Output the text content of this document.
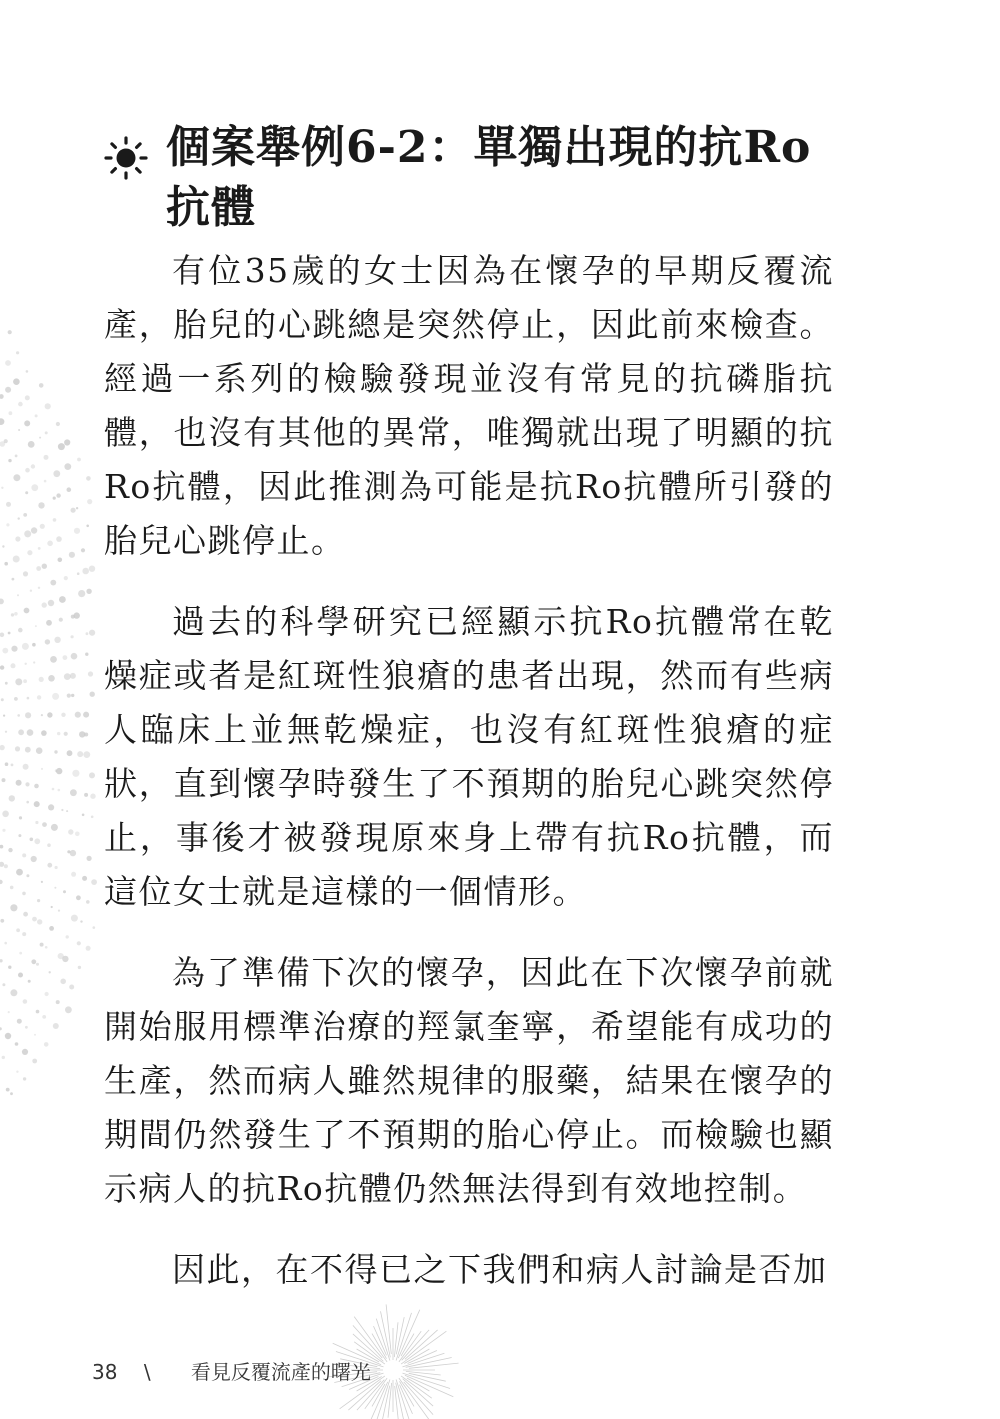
個案舉例6-2：單獨出現的抗Ro抗體

有位35歲的女士因為在懷孕的早期反覆流產，胎兒的心跳總是突然停止，因此前來檢查。經過一系列的檢驗發現並沒有常見的抗磷脂抗體，也沒有其他的異常，唯獨就出現了明顯的抗Ro抗體，因此推測為可能是抗Ro抗體所引發的胎兒心跳停止。

過去的科學研究已經顯示抗Ro抗體常在乾燥症或者是紅斑性狼瘡的患者出現，然而有些病人臨床上並無乾燥症，也沒有紅斑性狼瘡的症狀，直到懷孕時發生了不預期的胎兒心跳突然停止，事後才被發現原來身上帶有抗Ro抗體，而這位女士就是這樣的一個情形。

為了準備下次的懷孕，因此在下次懷孕前就開始服用標準治療的羥氯奎寧，希望能有成功的生產，然而病人雖然規律的服藥，結果在懷孕的期間仍然發生了不預期的胎心停止。而檢驗也顯示病人的抗Ro抗體仍然無法得到有效地控制。

因此，在不得已之下我們和病人討論是否加

38 \ 看見反覆流產的曙光
